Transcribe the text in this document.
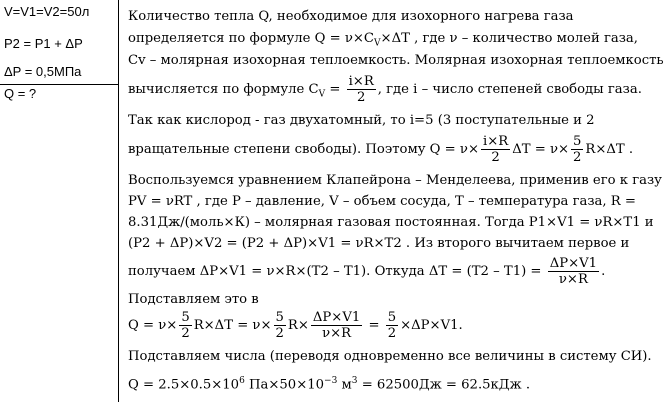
V=V1=V2=50л
P2 = P1 + ΔP
ΔP = 0,5МПа
Q = ?
Количество тепла Q, необходимое для изохорного нагрева газа
определяется по формуле $Q = \nu\times C_V\times\Delta T$ , где ν – количество молей газа,
Cv – молярная изохорная теплоемкость. Молярная изохорная теплоемкость
вычисляется по формуле $C_V = \frac{i\times R}{2}$ , где i – число степеней свободы газа.
Так как кислород - газ двухатомный, то i=5 (3 поступательные и 2
вращательные степени свободы). Поэтому $Q = \nu\times \frac{i\times R}{2}$ $\Delta T = \nu\times \frac{5}{2} R\times\Delta T$ .
Воспользуемся уравнением Клапейрона – Менделеева, применив его к газу
PV = νRT , где P – давление, V – объем сосуда, T – температура газа, R =
8.31Дж/(моль×К) – молярная газовая постоянная. Тогда P1×V1 = νR×T1 и
(P2 + ΔP)×V2 = (P2 + ΔP)×V1 = νR×T2 . Из второго вычитаем первое и
получаем ΔP×V1 = ν×R×(T2 – T1). Откуда $\Delta T = (T2 - T1) = \frac{\Delta P\times V1}{\nu\times R}$ .
Подставляем это в
$Q = \nu\times \frac{5}{2} R\times\Delta T = \nu\times \frac{5}{2} R\times \frac{\Delta P\times V1}{\nu\times R} = \frac{5}{2} \times\Delta P\times V1$.
Подставляем числа (переводя одновременно все величины в систему СИ).
$Q = 2.5\times 0.5\times 10^6$ $Па\times 50\times 10^{-3}$ $м^3 = 62500Дж = 62.5кДж$ .
